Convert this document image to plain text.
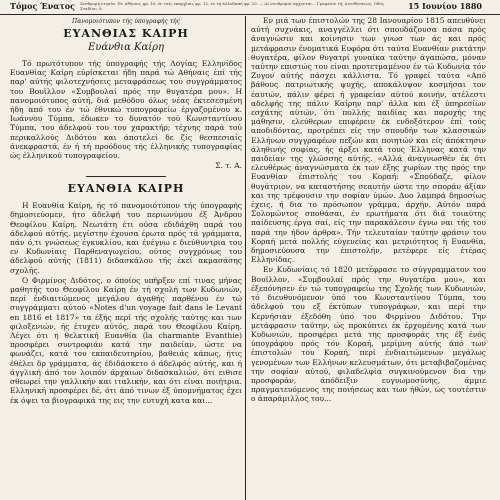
Τόμος Ένατος Συνδρομή ετησία: Έν Αθήναις φρ. 10, έν ταίς έπαρχίαις φρ. 12, έν τή άλλοδαπή φρ. 20. — Αί συνδρομαί αρχονται... Γραφείον τή; Διευθύνσεως: Οδός Σταδίου, 8.	15 Ιουνίου 1880
Πανομοιότυπον τής ύπογραφής τής
ΕΥΑΝΘΙΑΣ ΚΑΙΡΗ
Ευάνθια Καίρη

Τό πρωτότυπον τής ύπογραφής τής Λογίας Ελληνίδος Ευανθίας Καίρη εύρίσκεται ήδη παρά τώ Αθήναις έπί τής παρ' αύτής φιλοτεχνήσεις μεταφράσεως του συγγράμματος του Βουϊλλον «Συμβουλαί πρός την θυγατέρα μου». Η πανομοιότυπος αύτή, διά μεθόδου όλως νέας έκτεσεσμένη ήδη από του έν τώ έθνικώ τυπογραφείω έργαζομένου κ. Ιωάννου Τύμπα, έδωκεν το δυνατόν τού Κωνσταντίνου Τύμπα, του άδελφού του του χαρακτήρ; τέχνης παρά τού περικαλλούς Διδότου και άποτελεί δε ζίς θεσπεσιαίς άνεκφραστά, έν ή τή προόδους τής έλληνικής τυπογραφίας ώς έλληνικού τυπογραφείου.

Σ. τ. Α.
ΕΥΑΝΘΙΑ ΚΑΙΡΗ

Η Ευανθία Καίρη, ής τό πανομοιότυπον τής ύπογραφής δημοσιεύομεν, ήτο άδελφή του περιωνύμου έξ Άνδρου Θεοφίλου Καίρη. Νεωτάτη έτι ούσα εδιδάχθη παρά του άδελφού αύτής, μεγίστην έχουσα έρωτα πρός τά γράμματα, πάν ό,τι γνώσεως έγκυκλίου, και ένέγνω ε διεύθυντρια του εν Κυδωνίαις Παρθεναγωγείου, ούτος συγχρόνως του άδελφού αύτής (1811) διδασκάλου τής έκεί ακμασάσης σχολής.

Ο Φιρμίνος Διδότος, ο όποίος υπήρξεν επί τινας μήνας μαθητής του Θεοφίλου Καίρη έν τή σχολή των Κυδωνιών, περί ένδιαιτώμενος μεγάλου άγαθής παρθένου έν τώ συγγράμματι αύτού «Notes d'un voyage fait dans le Levant en 1816 et 1817» τα έξής περί τής σχολής ταύτης και των φιλοξενιών, ής έτυχεν αύτός, παρά του Θεοφίλου Καίρη. Λέγει ότι η θελκτική Ευανθία (la charmante Evanthie) προσφέρει συντροφιάν κατά την παιδείαν, ώστε να φωνάζει, κατά του εκπαιδευτηρίου, βαθειάς κάπως, ήτις έθέλει δρ γράμματα, άς έδιδάσκετο ό άδελφός αύτής, και ή άγγλική άπό τον λοιπόν άρχαιων διδασκαλιών, ότι ειθισε σθεωρεί την γαλλικήν και ιταλικήν, και ότι είναι ποιήτρια. Ελληνική προσφέρει δέ, ότι άπό τινων έξ ύπομνήματος έχει έκ όψει τα βιογραφικά της εις την ευτυχή κατα και...

Εν μιά των έπιστολών της 28 Ιανουαρίου 1815 απευθύνει αύτή συχνάκις, αναγγέλλει ότι σπουδάζουσα πάσα πρός άναγνώσιν και κοίνησιν των γνωσ των άς και πρός μετάφρασιν ένοματικά Ευφόρα ότι ταύτα Ευανθίαν ρικτάτην θυγατέρα, φίλον θυγατρί γυναίκα ταύτην άγαπώσα, μόναν ταύτην επιστώς του είναι προτετμαμένον έν τώ Κυδωνία τόν Ζυγον αύτής πάσχει κάλλιστα. Τό γραφεί ταύτα «Από βάθους πατριωτικής ψυχής, αποκάλυψον κοσμήσαι τον έαυτών, πάλιν φέρει ή γραφείαν αύτού κοινήν, ατέλεστι αδελφής της πάλιν Καίρην παρ' άλλα και έξ ύπηρεσίων εσχάτης αύτών, ότι πολλής παιδίας και παροχής της μάθησιν, ελεύθερων επιφέρειν έκ ενδοξότερον έπί τούς αποδιδόντας, προτρέπει είς την σπουδήν των κλασσικών Ελλήνων συγγραφέων πεζών και ποιητών και είς άπόκτησιν άληθινής σοφίας, ής άρξει κατά τους Έλληνας κατά την παιδείαν της γλώσσης αύτής. «Αλλά άναγνωσθέν έκ ότι ελευθέρως άναγνώσματα έκ των έξης χωρίων της πρός την Ευανθίαν έπιστολής του Κοραή: «Σπούδαζε, φίλον θυγάτριον, να καταστήσης σεαυτήν ώστε την σποράν άξίαν και της τρέφουσιν την σοφίαν ύμών. Δυο λαμπρά δημοσίως έχεις, ή δια το πρόσωπον γράμμα, άρχήν. Αύτόν παρά Σολομώντος σποθάσαι, έν ερωτήματα ότι διά τοιαύτης παίδευσης έργα σαί, είς την παρακάλεσιν έγνω ναι τής του παρά την ήδον άρθρα». Τήν τελευταίαν ταύτην φράσιν του Κοραή μετά πολλής εύγενείας και μετριότητος ή Ευανθία, δημοσιεύουσα την έπιστολήν, μετέφερε είς έτέρας Ελληνίδας.

Εν Κυδωνίαις τό 1820 μετέφρασε το σύγγραμματον του Βουϊλλον, «Συμβουλαί πρός την θυγατέρα μου», και έξεπόνησεν έν τώ τυπογραφείω της Σχολής των Κυδωνιών, τό διευθυνόμενον ύπό του Κωνσταντίνου Τύμπα, του άδελφού του εξ έκτύπων τυπογράφων, και περί την Κερνήσιαν έξεδόθη ύπο του Φιρμίνου Διδότου. Την μετάφρασιν ταύτην, ώς προκύπτει έκ έρχομένης κατά των Κυδωνιών, προσφέρει μετά της προσφοράς της έξ ένός ύπογράφου πρός τόν Κοραή, μερίμνη αύτής άπό των έπιστολών του Κοραή, περί ένδιαιτώμενων μεγάλως γενομένων των Ελλήνων κελευσμάτων, ότι μεταβιβαζομένας την σοφίαν αύτού, φιλαδελφία συγκινούμενον δια την προσφοράν, άπόδειξιν ευγνωμοσύνης, άμμιε πραγματευόμενος της ποιήσεως και των ήθών, ώς τουτέστιν ο άπαράμιλλος του...
